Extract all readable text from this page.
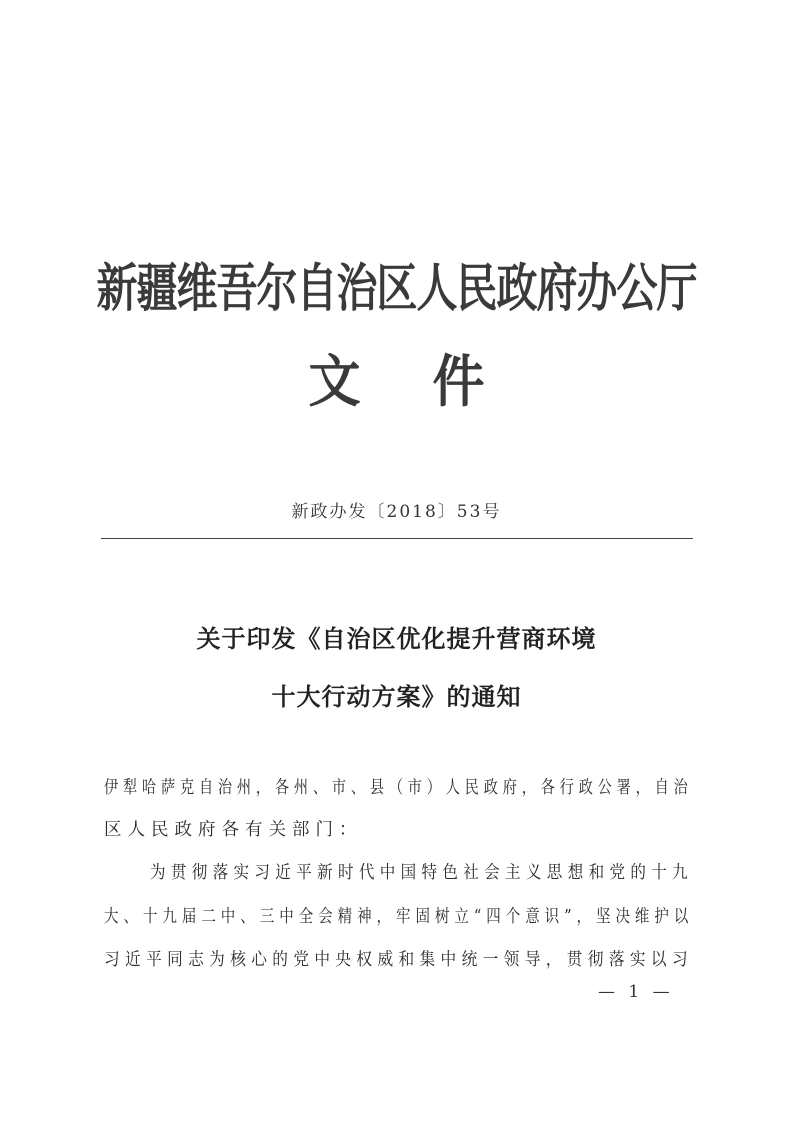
新疆维吾尔自治区人民政府办公厅
文件
新政办发〔2018〕53号
关于印发《自治区优化提升营商环境
十大行动方案》的通知
伊犁哈萨克自治州，各州、市、县（市）人民政府，各行政公署，自治
区人民政府各有关部门：
为贯彻落实习近平新时代中国特色社会主义思想和党的十九
大、十九届二中、三中全会精神，牢固树立“四个意识”，坚决维护以
习近平同志为核心的党中央权威和集中统一领导，贯彻落实以习
— 1 —
